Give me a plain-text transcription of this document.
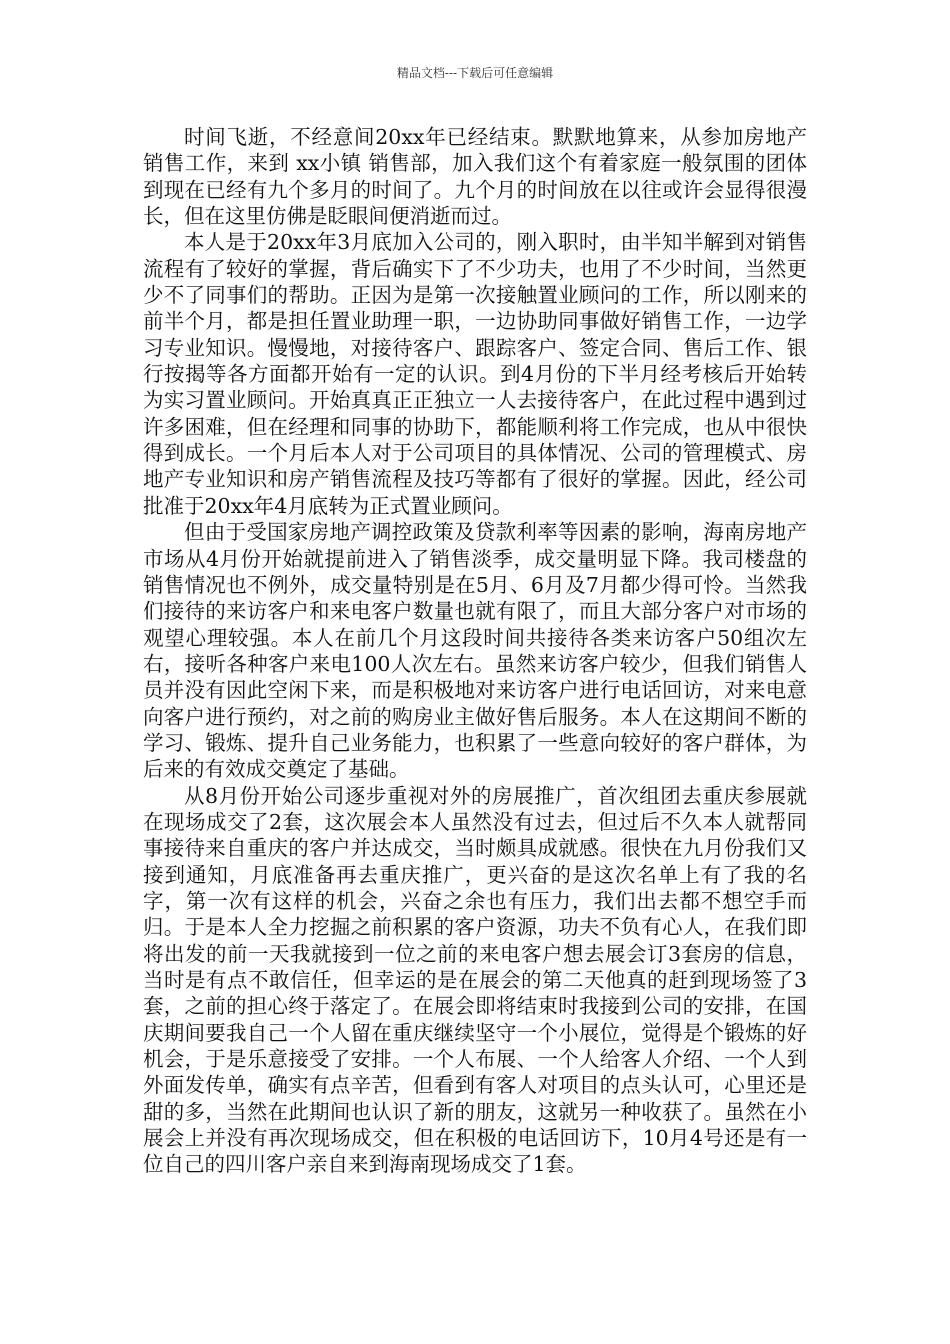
精品文档---下载后可任意编辑

时间飞逝，不经意间20xx年已经结束。默默地算来，从参加房地产销售工作，来到 xx小镇 销售部，加入我们这个有着家庭一般氛围的团体到现在已经有九个多月的时间了。九个月的时间放在以往或许会显得很漫长，但在这里仿佛是眨眼间便消逝而过。

本人是于20xx年3月底加入公司的，刚入职时，由半知半解到对销售流程有了较好的掌握，背后确实下了不少功夫，也用了不少时间，当然更少不了同事们的帮助。正因为是第一次接触置业顾问的工作，所以刚来的前半个月，都是担任置业助理一职，一边协助同事做好销售工作，一边学习专业知识。慢慢地，对接待客户、跟踪客户、签定合同、售后工作、银行按揭等各方面都开始有一定的认识。到4月份的下半月经考核后开始转为实习置业顾问。开始真真正正独立一人去接待客户，在此过程中遇到过许多困难，但在经理和同事的协助下，都能顺利将工作完成，也从中很快得到成长。一个月后本人对于公司项目的具体情况、公司的管理模式、房地产专业知识和房产销售流程及技巧等都有了很好的掌握。因此，经公司批准于20xx年4月底转为正式置业顾问。

但由于受国家房地产调控政策及贷款利率等因素的影响，海南房地产市场从4月份开始就提前进入了销售淡季，成交量明显下降。我司楼盘的销售情况也不例外，成交量特别是在5月、6月及7月都少得可怜。当然我们接待的来访客户和来电客户数量也就有限了，而且大部分客户对市场的观望心理较强。本人在前几个月这段时间共接待各类来访客户50组次左右，接听各种客户来电100人次左右。虽然来访客户较少，但我们销售人员并没有因此空闲下来，而是积极地对来访客户进行电话回访，对来电意向客户进行预约，对之前的购房业主做好售后服务。本人在这期间不断的学习、锻炼、提升自己业务能力，也积累了一些意向较好的客户群体，为后来的有效成交奠定了基础。

从8月份开始公司逐步重视对外的房展推广，首次组团去重庆参展就在现场成交了2套，这次展会本人虽然没有过去，但过后不久本人就帮同事接待来自重庆的客户并达成交，当时颇具成就感。很快在九月份我们又接到通知，月底准备再去重庆推广，更兴奋的是这次名单上有了我的名字，第一次有这样的机会，兴奋之余也有压力，我们出去都不想空手而归。于是本人全力挖掘之前积累的客户资源，功夫不负有心人，在我们即将出发的前一天我就接到一位之前的来电客户想去展会订3套房的信息，当时是有点不敢信任，但幸运的是在展会的第二天他真的赶到现场签了3套，之前的担心终于落定了。在展会即将结束时我接到公司的安排，在国庆期间要我自己一个人留在重庆继续坚守一个小展位，觉得是个锻炼的好机会，于是乐意接受了安排。一个人布展、一个人给客人介绍、一个人到外面发传单，确实有点辛苦，但看到有客人对项目的点头认可，心里还是甜的多，当然在此期间也认识了新的朋友，这就另一种收获了。虽然在小展会上并没有再次现场成交，但在积极的电话回访下，10月4号还是有一位自己的四川客户亲自来到海南现场成交了1套。
